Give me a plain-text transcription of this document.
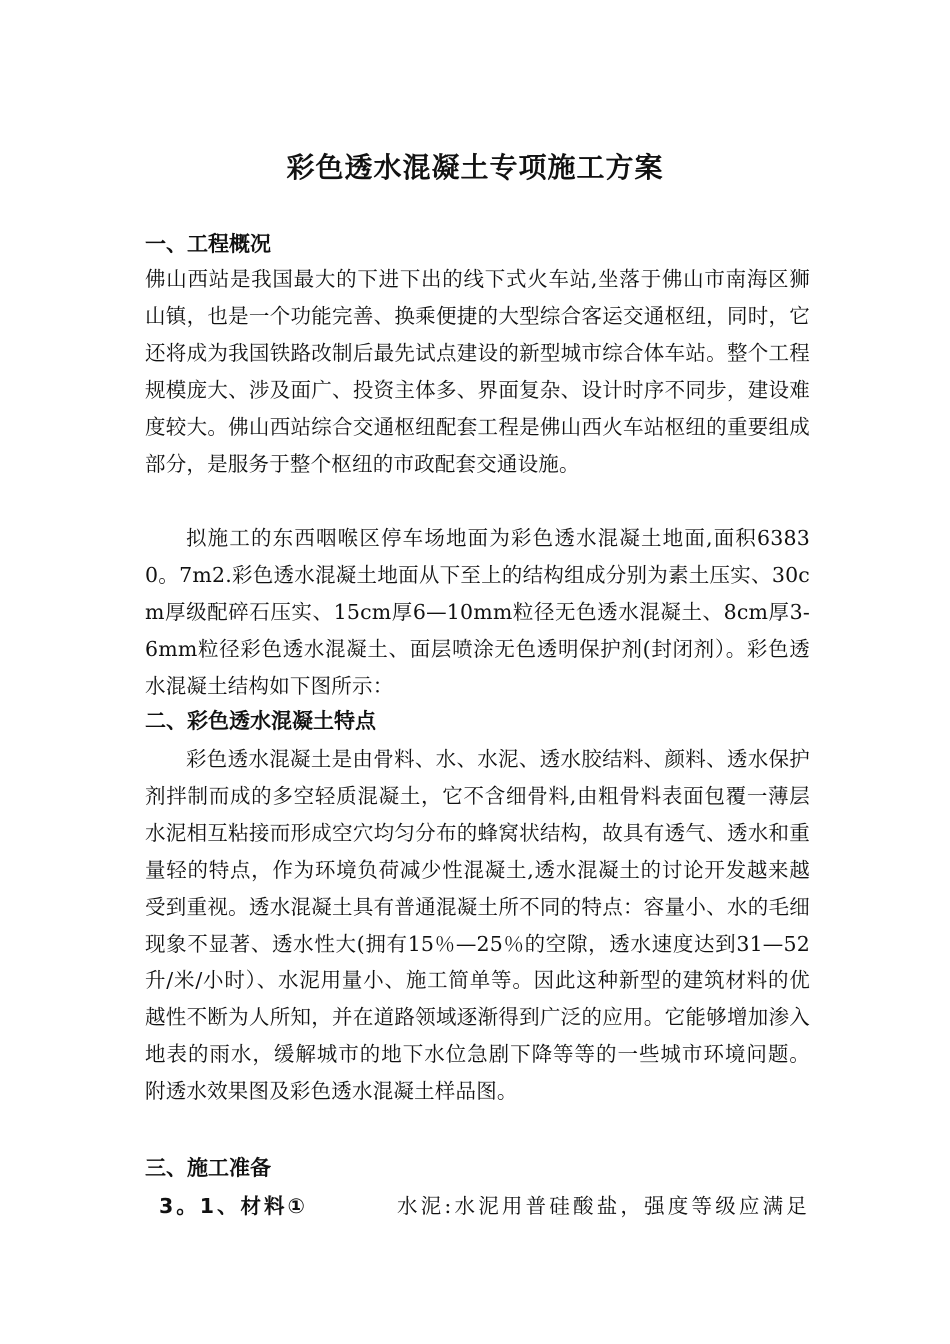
彩色透水混凝土专项施工方案
一、工程概况
佛山西站是我国最大的下进下出的线下式火车站,坐落于佛山市南海区狮山镇，也是一个功能完善、换乘便捷的大型综合客运交通枢纽，同时，它还将成为我国铁路改制后最先试点建设的新型城市综合体车站。整个工程规模庞大、涉及面广、投资主体多、界面复杂、设计时序不同步，建设难度较大。佛山西站综合交通枢纽配套工程是佛山西火车站枢纽的重要组成部分，是服务于整个枢纽的市政配套交通设施。
拟施工的东西咽喉区停车场地面为彩色透水混凝土地面,面积63830。7m2.彩色透水混凝土地面从下至上的结构组成分别为素土压实、30cm厚级配碎石压实、15cm厚6—10mm粒径无色透水混凝土、8cm厚3-6mm粒径彩色透水混凝土、面层喷涂无色透明保护剂(封闭剂）。彩色透水混凝土结构如下图所示：
二、彩色透水混凝土特点
彩色透水混凝土是由骨料、水、水泥、透水胶结料、颜料、透水保护剂拌制而成的多空轻质混凝土，它不含细骨料,由粗骨料表面包覆一薄层水泥相互粘接而形成空穴均匀分布的蜂窝状结构，故具有透气、透水和重量轻的特点，作为环境负荷减少性混凝土,透水混凝土的讨论开发越来越受到重视。透水混凝土具有普通混凝土所不同的特点：容量小、水的毛细现象不显著、透水性大(拥有15％—25％的空隙，透水速度达到31—52升/米/小时）、水泥用量小、施工简单等。因此这种新型的建筑材料的优越性不断为人所知，并在道路领域逐渐得到广泛的应用。它能够增加渗入地表的雨水，缓解城市的地下水位急剧下降等等的一些城市环境问题。 附透水效果图及彩色透水混凝土样品图。
三、施工准备
3。1、材料①	水泥:水泥用普硅酸盐，强度等级应满足
